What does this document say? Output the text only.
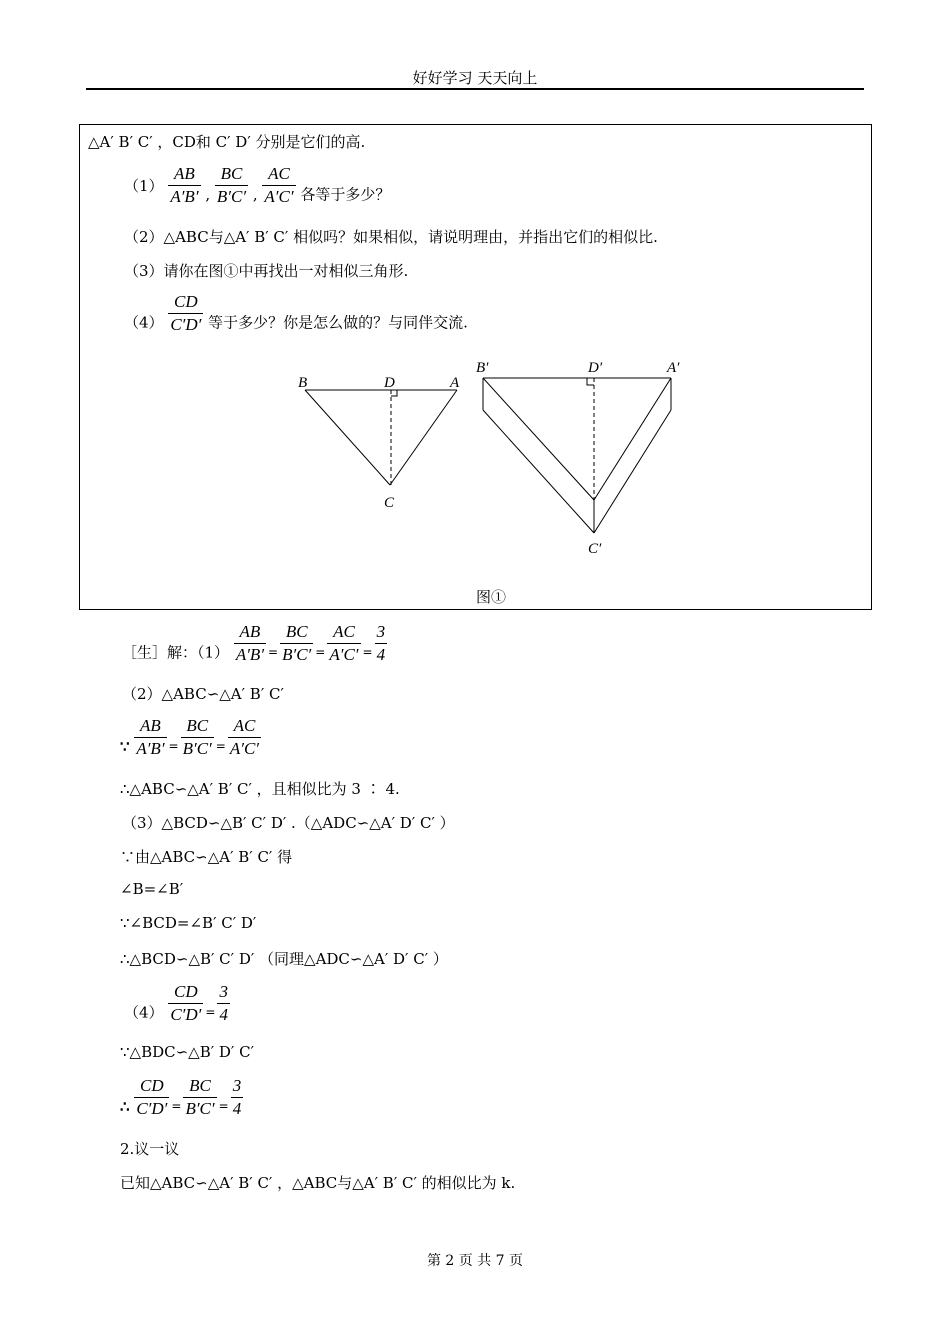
好好学习 天天向上
△A′ B′ C′ ，CD和 C′ D′ 分别是它们的高.
$(1) \frac{AB}{A'B'}$ , $\frac{BC}{B'C'}$ , $\frac{AC}{A'C'}$ 各等于多少？
（2）△ABC与△A′ B′ C′ 相似吗？如果相似，请说明理由，并指出它们的相似比.
（3）请你在图①中再找出一对相似三角形.
$(4) \frac{CD}{C'D'}$ 等于多少？你是怎么做的？与同伴交流.
B	D	A
C
B′	D′	A′
C′
图①
［生］解：$(1) \frac{AB}{A'B'} _= \frac{BC}{B'C'} _= \frac{AC}{A'C'} _= \frac{3}{4}$
（2）△ABC∽△A′ B′ C′
∵ $\frac{AB}{A'B'} _= \frac{BC}{B'C'} _= \frac{AC}{A'C'}$
∴△ABC∽△A′ B′ C′ ，且相似比为 3 ∶ 4.
（3）△BCD∽△B′ C′ D′ .（△ADC∽△A′ D′ C′ ）
∵由△ABC∽△A′ B′ C′ 得
∠B=∠B′
∵∠BCD=∠B′ C′ D′
∴△BCD∽△B′ C′ D′ （同理△ADC∽△A′ D′ C′ ）
$(4) \frac{CD}{C'D'} _= \frac{3}{4}$
∵△BDC∽△B′ D′ C′
∴ $\frac{CD}{C'D'} _= \frac{BC}{B'C'} _= \frac{3}{4}$
2.议一议
已知△ABC∽△A′ B′ C′ ，△ABC与△A′ B′ C′ 的相似比为 k.
第 2 页 共 7 页
